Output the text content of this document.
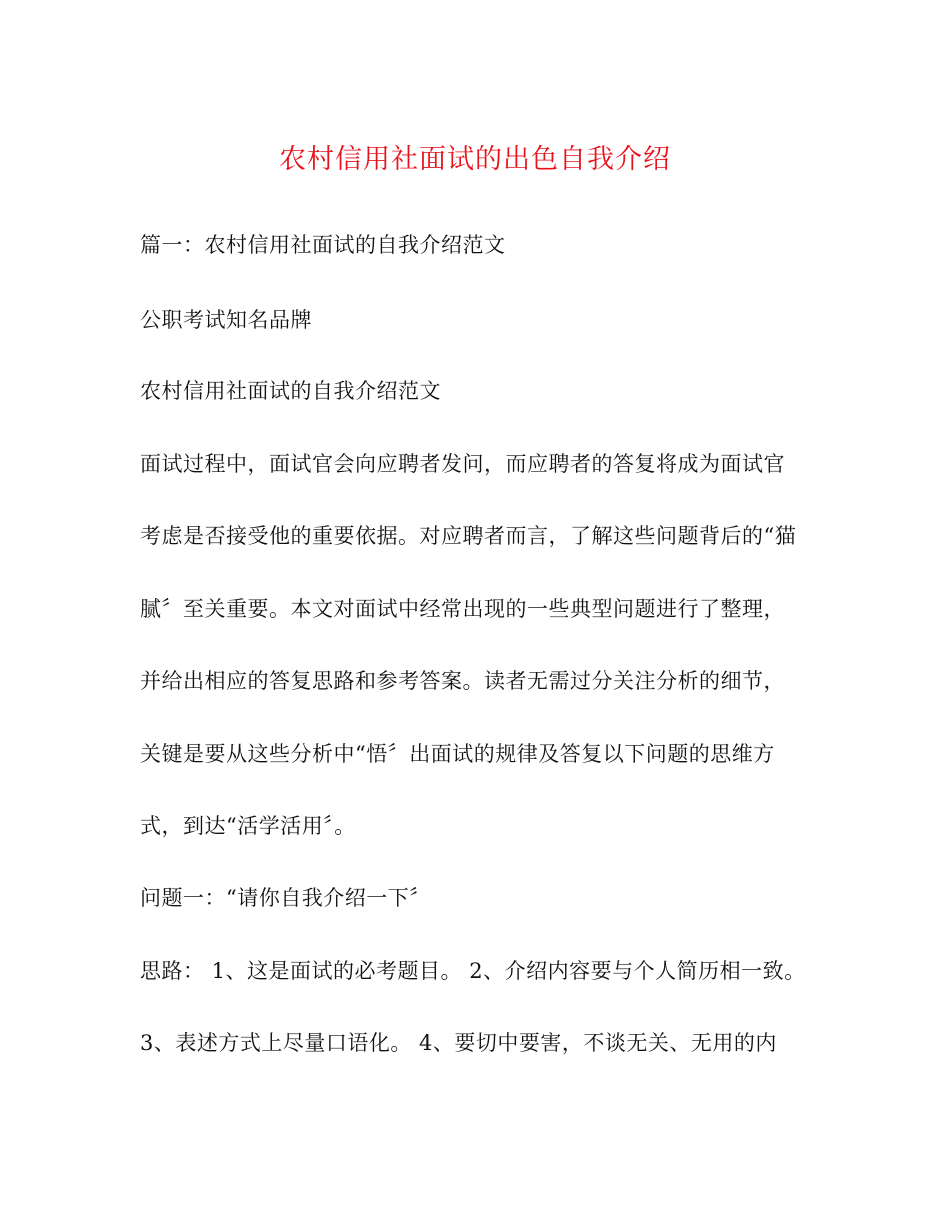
农村信用社面试的出色自我介绍
篇一：农村信用社面试的自我介绍范文
公职考试知名品牌
农村信用社面试的自我介绍范文
面试过程中，面试官会向应聘者发问，而应聘者的答复将成为面试官
考虑是否接受他的重要依据。对应聘者而言，了解这些问题背后的“猫
腻〞至关重要。本文对面试中经常出现的一些典型问题进行了整理，
并给出相应的答复思路和参考答案。读者无需过分关注分析的细节，
关键是要从这些分析中“悟〞出面试的规律及答复以下问题的思维方
式，到达“活学活用〞。
问题一：“请你自我介绍一下〞
思路： 1、这是面试的必考题目。 2、介绍内容要与个人简历相一致。
3、表述方式上尽量口语化。 4、要切中要害，不谈无关、无用的内
